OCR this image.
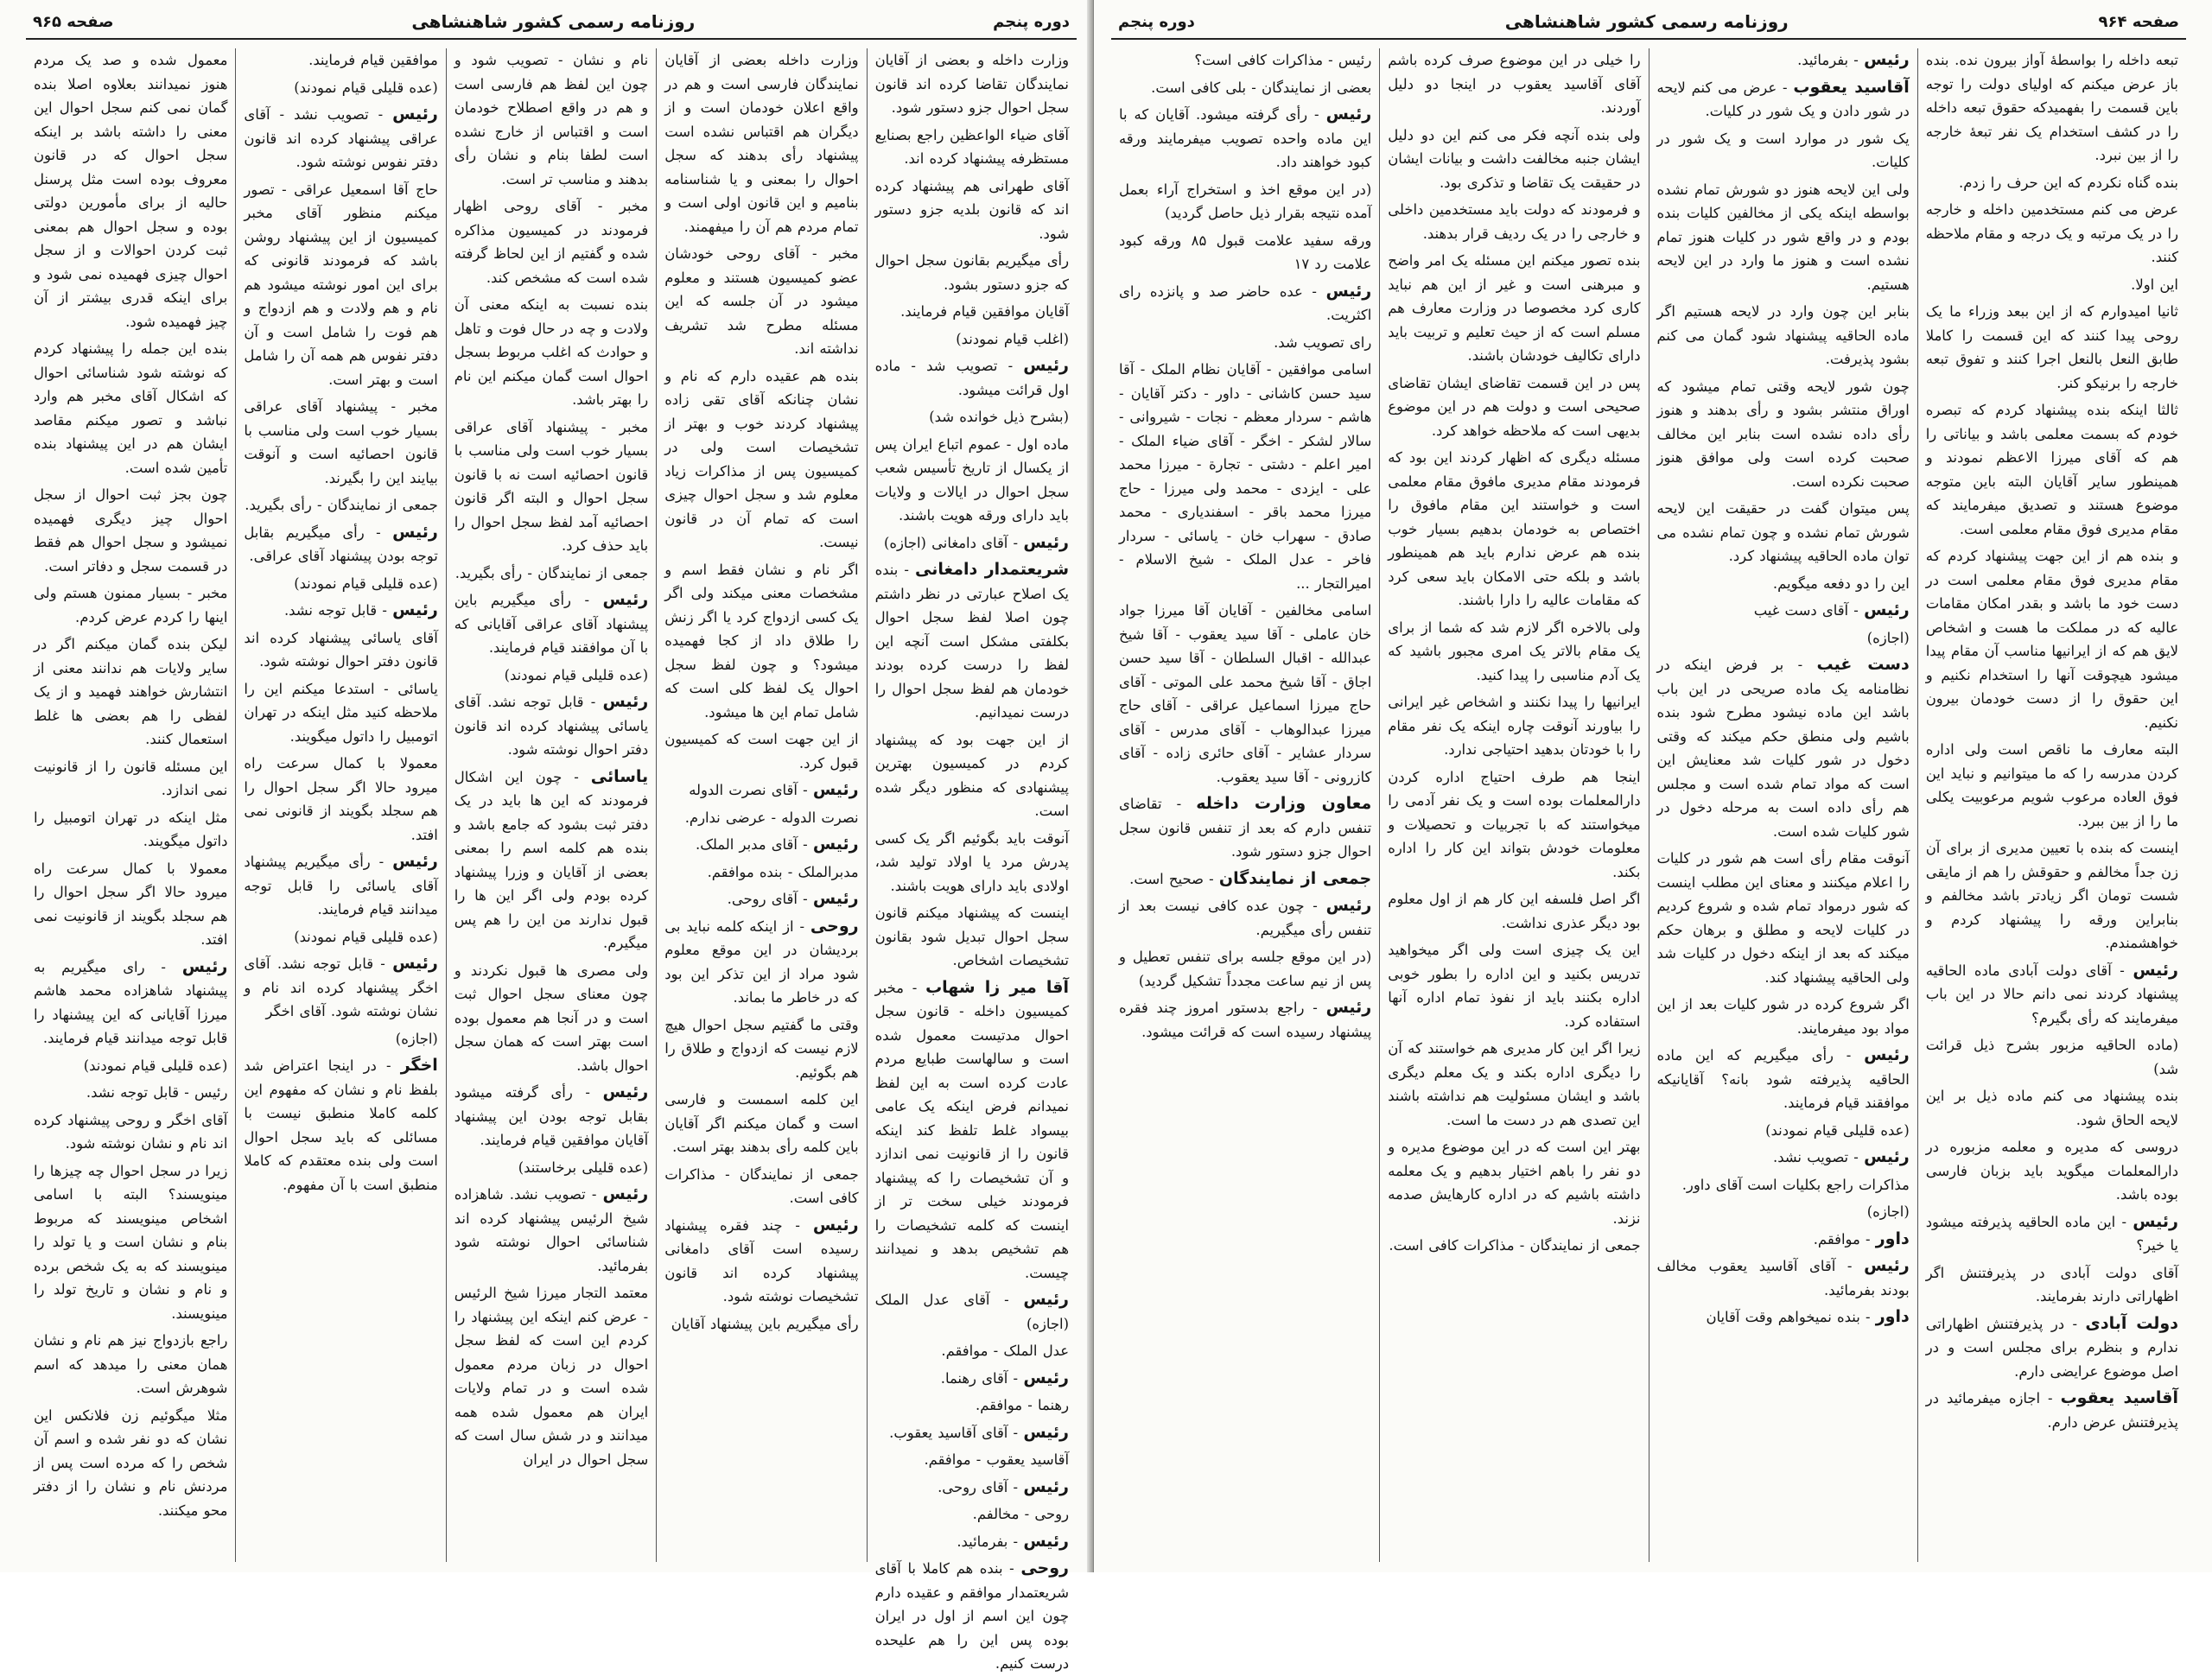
دوره پنجم
روزنامه رسمی کشور شاهنشاهی
صفحه ۹۶۵

وزارت داخله و بعضی از آقایان نمایندگان تقاضا کرده اند قانون سجل احوال جزو دستور شود.

آقای ضیاء الواعظین راجع بصنایع مستظرفه پیشنهاد کرده اند.

آقای طهرانی هم پیشنهاد کرده اند که قانون بلدیه جزو دستور شود.

رأی میگیریم بقانون سجل احوال که جزو دستور بشود.

آقایان موافقین قیام فرمایند.

(اغلب قیام نمودند)

رئیس - تصویب شد - ماده اول قرائت میشود.

(بشرح ذیل خوانده شد)

ماده اول - عموم اتباع ایران پس از یکسال از تاریخ تأسیس شعب سجل احوال در ایالات و ولایات باید دارای ورقه هویت باشند.

رئیس - آقای دامغانی (اجازه)

شریعتمدار دامغانی - بنده یک اصلاح عبارتی در نظر داشتم چون اصلا لفظ سجل احوال بکلفتی مشکل است آنچه این لفظ را درست کرده بودند خودمان هم لفظ سجل احوال را درست نمیدانیم.

از این جهت بود که پیشنهاد کردم در کمیسیون بهترین پیشنهادی که منظور دیگر شده است.

آنوقت باید بگوئیم اگر یک کسی پدرش مرد یا اولاد تولید شد، اولادی باید دارای هویت باشند.

اینست که پیشنهاد میکنم قانون سجل احوال تبدیل شود بقانون تشخیصات اشخاص.

آقا میر زا شهاب - مخبر کمیسیون داخله - قانون سجل احوال مدتیست معمول شده است و سالهاست طبایع مردم عادت کرده است به این لفظ نمیدانم فرض اینکه یک عامی بیسواد غلط تلفظ کند اینکه قانون را از قانونیت نمی اندازد و آن تشخیصات را که پیشنهاد فرمودند خیلی سخت تر از اینست که کلمه تشخیصات را هم تشخیص بدهد و نمیدانند چیست.

رئیس - آقای عدل الملک (اجازه)

عدل الملک - موافقم.

رئیس - آقای رهنما.

رهنما - موافقم.

رئیس - آقای آقاسید یعقوب.

آقاسید یعقوب - موافقم.

رئیس - آقای روحی.

روحی - مخالفم.

رئیس - بفرمائید.

روحی - بنده هم کاملا با آقای شریعتمدار موافقم و عقیده دارم چون این اسم از اول در ایران بوده پس این را هم علیحده درست کنیم.

وزارت داخله بعضی از آقایان نمایندگان فارسی است و هم در واقع اعلان خودمان است و از دیگران هم اقتباس نشده است پیشنهاد رأی بدهند که سجل احوال را بمعنی و یا شناسنامه بنامیم و این قانون اولی است و تمام مردم هم آن را میفهمند.

مخبر - آقای روحی خودشان عضو کمیسیون هستند و معلوم میشود در آن جلسه که این مسئله مطرح شد تشریف نداشته اند.

بنده هم عقیده دارم که نام و نشان چنانکه آقای تقی زاده پیشنهاد کردند خوب و بهتر از تشخیصات است ولی در کمیسیون پس از مذاکرات زیاد معلوم شد و سجل احوال چیزی است که تمام آن در قانون نیست.

اگر نام و نشان فقط اسم و مشخصات معنی میکند ولی اگر یک کسی ازدواج کرد یا اگر زنش را طلاق داد از کجا فهمیده میشود؟ و چون لفظ سجل احوال یک لفظ کلی است که شامل تمام این ها میشود.

از این جهت است که کمیسیون قبول کرد.

رئیس - آقای نصرت الدوله

نصرت الدوله - عرضی ندارم.

رئیس - آقای مدبر الملک.

مدبرالملک - بنده موافقم.

رئیس - آقای روحی.

روحی - از اینکه کلمه نباید بی بردیشان در این موقع معلوم شود مراد از این تذکر این بود که در خاطر ما بماند.

وقتی ما گفتیم سجل احوال هیچ لازم نیست که ازدواج و طلاق را هم بگوئیم.

این کلمه اسمست و فارسی است و گمان میکنم اگر آقایان باین کلمه رأی بدهند بهتر است.

جمعی از نمایندگان - مذاکرات کافی است.

رئیس - چند فقره پیشنهاد رسیده است آقای دامغانی پیشنهاد کرده اند قانون تشخیصات نوشته شود.

رأی میگیریم باین پیشنهاد آقایان

نام و نشان - تصویب شود و چون این لفظ هم فارسی است و هم در واقع اصطلاح خودمان است و اقتباس از خارج نشده است لطفا بنام و نشان رأی بدهند و مناسب تر است.

مخبر - آقای روحی اظهار فرمودند در کمیسیون مذاکره شده و گفتیم از این لحاظ گرفته شده است که مشخص کند.

بنده نسبت به اینکه معنی آن ولادت و چه در حال فوت و تاهل و حوادث که اغلب مربوط بسجل احوال است گمان میکنم این نام را بهتر باشد.

مخبر - پیشنهاد آقای عراقی بسیار خوب است ولی مناسب با قانون احصائیه است نه با قانون سجل احوال و البته اگر قانون احصائیه آمد لفظ سجل احوال را باید حذف کرد.

جمعی از نمایندگان - رأی بگیرید.

رئیس - رأی میگیریم باین پیشنهاد آقای عراقی آقایانی که با آن موافقند قیام فرمایند.

(عده قلیلی قیام نمودند)

رئیس - قابل توجه نشد. آقای یاسائی پیشنهاد کرده اند قانون دفتر احوال نوشته شود.

یاسائی - چون این اشکال فرمودند که این ها باید در یک دفتر ثبت بشود که جامع باشد و بنده هم کلمه اسم را بمعنی بعضی از آقایان و وزرا پیشنهاد کرده بودم ولی اگر این ها را قبول ندارند من این را هم پس میگیرم.

ولی مصری ها قبول نکردند و چون معنای سجل احوال ثبت است و در آنجا هم معمول بوده است بهتر است که همان سجل احوال باشد.

رئیس - رأی گرفته میشود بقابل توجه بودن این پیشنهاد آقایان موافقین قیام فرمایند.

(عده قلیلی برخاستند)

رئیس - تصویب نشد. شاهزاده شیخ الرئیس پیشنهاد کرده اند شناسائی احوال نوشته شود بفرمائید.

معتمد التجار میرزا شیخ الرئیس - عرض کنم اینکه این پیشنهاد را کردم این است که لفظ سجل احوال در زبان مردم معمول شده است و در تمام ولایات ایران هم معمول شده همه میدانند و در شش سال است که سجل احوال در ایران

موافقین قیام فرمایند.

(عده قلیلی قیام نمودند)

رئیس - تصویب نشد - آقای عراقی پیشنهاد کرده اند قانون دفتر نفوس نوشته شود.

حاج آقا اسمعیل عراقی - تصور میکنم منظور آقای مخبر کمیسیون از این پیشنهاد روشن باشد که فرمودند قانونی که برای این امور نوشته میشود هم نام و هم ولادت و هم ازدواج و هم فوت را شامل است و آن دفتر نفوس هم همه آن را شامل است و بهتر است.

مخبر - پیشنهاد آقای عراقی بسیار خوب است ولی مناسب با قانون احصائیه است و آنوقت بیایند این را بگیرند.

جمعی از نمایندگان - رأی بگیرید.

رئیس - رأی میگیریم بقابل توجه بودن پیشنهاد آقای عراقی.

(عده قلیلی قیام نمودند)

رئیس - قابل توجه نشد.

آقای یاسائی پیشنهاد کرده اند قانون دفتر احوال نوشته شود.

یاسائی - استدعا میکنم این را ملاحظه کنید مثل اینکه در تهران اتومبیل را داتول میگویند.

معمولا با کمال سرعت راه میرود حالا اگر سجل احوال را هم سجلد بگویند از قانونی نمی افتد.

رئیس - رأی میگیریم پیشنهاد آقای یاسائی را قابل توجه میدانند قیام فرمایند.

(عده قلیلی قیام نمودند)

رئیس - قابل توجه نشد. آقای اخگر پیشنهاد کرده اند نام و نشان نوشته شود. آقای اخگر

(اجازه)

اخگر - در اینجا اعتراض شد بلفظ نام و نشان که مفهوم این کلمه کاملا منطبق نیست با مسائلی که باید سجل احوال است ولی بنده معتقدم که کاملا منطبق است با آن مفهوم.

معمول شده و صد یک مردم هنوز نمیدانند بعلاوه اصلا بنده گمان نمی کنم سجل احوال این معنی را داشته باشد بر اینکه سجل احوال که در قانون معروف بوده است مثل پرسنل حالیه از برای مأمورین دولتی بوده و سجل احوال هم بمعنی ثبت کردن احوالات و از سجل احوال چیزی فهمیده نمی شود و برای اینکه قدری بیشتر از آن چیز فهمیده شود.

بنده این جمله را پیشنهاد کردم که نوشته شود شناسائی احوال که اشکال آقای مخبر هم وارد نباشد و تصور میکنم مقاصد ایشان هم در این پیشنهاد بنده تأمین شده است.

چون بجز ثبت احوال از سجل احوال چیز دیگری فهمیده نمیشود و سجل احوال هم فقط در قسمت سجل و دفاتر است.

مخبر - بسیار ممنون هستم ولی اینها را کردم عرض کردم.

لیکن بنده گمان میکنم اگر در سایر ولایات هم ندانند معنی از انتشارش خواهند فهمید و از یک لفظی را هم بعضی ها غلط استعمال کنند.

این مسئله قانون را از قانونیت نمی اندازد.

مثل اینکه در تهران اتومبیل را داتول میگویند.

معمولا با کمال سرعت راه میرود حالا اگر سجل احوال را هم سجلد بگویند از قانونیت نمی افتد.

رئیس - رای میگیریم به پیشنهاد شاهزاده محمد هاشم میرزا آقایانی که این پیشنهاد را قابل توجه میدانند قیام فرمایند.

(عده قلیلی قیام نمودند)

رئیس - قابل توجه نشد.

آقای اخگر و روحی پیشنهاد کرده اند نام و نشان نوشته شود.

زیرا در سجل احوال چه چیزها را مینویسند؟ البته با اسامی اشخاص مینویسند که مربوط بنام و نشان است و یا تولد را مینویسند که به یک شخص برده و نام و نشان و تاریخ تولد را مینویسند.

راجع بازدواج نیز هم نام و نشان همان معنی را میدهد که اسم شوهرش است.

مثلا میگوئیم زن فلانکس این نشان که دو نفر شده و اسم آن شخص را که مرده است پس از مردنش نام و نشان را از دفتر محو میکنند.

صفحه ۹۶۴
روزنامه رسمی کشور شاهنشاهی
دوره پنجم

تبعه داخله را بواسطهٔ آواز بیرون نده. بنده باز عرض میکنم که اولیای دولت را توجه باین قسمت را بفهمیدکه حقوق تبعه داخله را در کشف استخدام یک نفر تبعهٔ خارجه را از بین نبرد.

بنده گناه نکردم که این حرف را زدم.

عرض می کنم مستخدمین داخله و خارجه را در یک مرتبه و یک درجه و مقام ملاحظه کنند.

این اولا.

ثانیا امیدوارم که از این ببعد وزراء ما یک روحی پیدا کنند که این قسمت را کاملا طابق النعل بالنعل اجرا کنند و تفوق تبعه خارجه را برنیکو کنر.

ثالثا اینکه بنده پیشنهاد کردم که تبصره خودم که بسمت معلمی باشد و بیاناتی را هم که آقای میرزا الاعظم نمودند و همینطور سایر آقایان البته باین متوجه موضوع هستند و تصدیق میفرمایند که مقام مدیری فوق مقام معلمی است.

و بنده هم از این جهت پیشنهاد کردم که مقام مدیری فوق مقام معلمی است در دست خود ما باشد و بقدر امکان مقامات عالیه که در مملکت ما هست و اشخاص لایق هم که از ایرانیها مناسب آن مقام پیدا میشود هیچوقت آنها را استخدام نکنیم و این حقوق را از دست خودمان بیرون نکنیم.

البته معارف ما ناقص است ولی اداره کردن مدرسه را که ما میتوانیم و نباید این فوق العاده مرعوب شویم مرعوبیت یکلی ما را از بین ببرد.

اینست که بنده با تعیین مدیری از برای آن زن جداً مخالفم و حقوقش را هم از مایقی شست تومان اگر زیادتر باشد مخالفم و بنابراین ورقه را پیشنهاد کردم و خواهشمندم.

رئیس - آقای دولت آبادی ماده الحاقیه پیشنهاد کردند نمی دانم حالا در این باب میفرمایند که رأی بگیرم؟

(ماده الحاقیه مزبور بشرح ذیل قرائت شد)

بنده پیشنهاد می کنم ماده ذیل بر این لایحه الحاق شود.

دروسی که مدیره و معلمه مزبوره در دارالمعلمات میگوید باید بزبان فارسی بوده باشد.

رئیس - این ماده الحاقیه پذیرفته میشود یا خیر؟

آقای دولت آبادی در پذیرفتنش اگر اظهاراتی دارند بفرمایند.

دولت آبادی - در پذیرفتنش اظهاراتی ندارم و بنظرم برای مجلس است و در اصل موضوع عرایضی دارم.

آقاسید یعقوب - اجازه میفرمائید در پذیرفتنش عرض دارم.

رئیس - بفرمائید.

آقاسید یعقوب - عرض می کنم لایحه در شور دادن و یک شور در کلیات.

یک شور در موارد است و یک شور در کلیات.

ولی این لایحه هنوز دو شورش تمام نشده بواسطه اینکه یکی از مخالفین کلیات بنده بودم و در واقع شور در کلیات هنوز تمام نشده است و هنوز ما وارد در این لایحه هستیم.

بنابر این چون وارد در لایحه هستیم اگر ماده الحاقیه پیشنهاد شود گمان می کنم بشود پذیرفت.

چون شور لایحه وقتی تمام میشود که اوراق منتشر بشود و رأی بدهند و هنوز رأی داده نشده است بنابر این مخالف صحبت کرده است ولی موافق هنوز صحبت نکرده است.

پس میتوان گفت در حقیقت این لایحه شورش تمام نشده و چون تمام نشده می توان ماده الحاقیه پیشنهاد کرد.

این را دو دفعه میگویم.

رئیس - آقای دست غیب

(اجازه)

دست غیب - بر فرض اینکه در نظامنامه یک ماده صریحی در این باب باشد این ماده نیشود مطرح شود بنده باشیم ولی منطق حکم میکند که وقتی دخول در شور کلیات شد معنایش این است که مواد تمام شده است و مجلس هم رأی داده است به مرحله دخول در شور کلیات شده است.

آنوقت مقام رأی است هم شور در کلیات را اعلام میکنند و معنای این مطلب اینست که شور درمواد تمام شده و شروع کردیم در کلیات لایحه و مطلق و برهان حکم میکند که بعد از اینکه دخول در کلیات شد ولی الحاقیه پیشنهاد کند.

اگر شروع کرده در شور کلیات بعد از این مواد بود میفرمایند.

رئیس - رأی میگیریم که این ماده الحاقیه پذیرفته شود بانه؟ آقایانیکه موافقند قیام فرمایند.

(عده قلیلی قیام نمودند)

رئیس - تصویب نشد.

مذاکرات راجع بکلیات است آقای داور.

(اجازه)

داور - موافقم.

رئیس - آقای آقاسید یعقوب مخالف بودند بفرمائید.

داور - بنده نمیخواهم وقت آقایان

را خیلی در این موضوع صرف کرده باشم آقای آقاسید یعقوب در اینجا دو دلیل آوردند.

ولی بنده آنچه فکر می کنم این دو دلیل ایشان جنبه مخالفت داشت و بیانات ایشان در حقیقت یک تقاضا و تذکری بود.

و فرمودند که دولت باید مستخدمین داخلی و خارجی را در یک ردیف قرار بدهند.

بنده تصور میکنم این مسئله یک امر واضح و مبرهنی است و غیر از این هم نباید کاری کرد مخصوصا در وزارت معارف هم مسلم است که از حیث تعلیم و تربیت باید دارای تکالیف خودشان باشند.

پس در این قسمت تقاضای ایشان تقاضای صحیحی است و دولت هم در این موضوع بدیهی است که ملاحظه خواهد کرد.

مسئله دیگری که اظهار کردند این بود که فرمودند مقام مدیری مافوق مقام معلمی است و خواستند این مقام مافوق را اختصاص به خودمان بدهیم بسیار خوب بنده هم عرض ندارم باید هم همینطور باشد و بلکه حتی الامکان باید سعی کرد که مقامات عالیه را دارا باشند.

ولی بالاخره اگر لازم شد که شما از برای یک مقام بالاتر یک امری مجبور باشید که یک آدم مناسبی را پیدا کنید.

ایرانیها را پیدا نکنند و اشخاص غیر ایرانی را بیاورند آنوقت چاره اینکه یک نفر مقام را با خودتان بدهید احتیاجی ندارد.

اینجا هم طرف احتیاج اداره کردن دارالمعلمات بوده است و یک نفر آدمی را میخواستند که با تجربیات و تحصیلات و معلومات خودش بتواند این کار را اداره بکند.

اگر اصل فلسفه این کار هم از اول معلوم بود دیگر عذری نداشت.

این یک چیزی است ولی اگر میخواهید تدریس بکنید و این اداره را بطور خوبی اداره بکنند باید از نفوذ تمام اداره آنها استفاده کرد.

زیرا اگر این کار مدیری هم خواستند که آن را دیگری اداره بکند و یک معلم دیگری باشد و ایشان مسئولیت هم نداشته باشند این تصدی هم در دست ما است.

بهتر این است که در این موضوع مدیره و دو نفر را باهم اختیار بدهیم و یک معلمه داشته باشیم که در اداره کارهایش صدمه نزند.

جمعی از نمایندگان - مذاکرات کافی است.

رئیس - مذاکرات کافی است؟

بعضی از نمایندگان - بلی کافی است.

رئیس - رأی گرفته میشود. آقایان که با این ماده واحده تصویب میفرمایند ورقه کبود خواهند داد.

(در این موقع اخذ و استخراج آراء بعمل آمده نتیجه بقرار ذیل حاصل گردید)

ورقه سفید علامت قبول ۸۵ ورقه کبود علامت رد ۱۷

رئیس - عده حاضر صد و پانزده رای اکثریت.

رای تصویب شد.

اسامی موافقین - آقایان نظام الملک - آقا سید حسن کاشانی - داور - دکتر آقایان - هاشم - سردار معظم - نجات - شیروانی - سالار لشکر - اخگر - آقای ضیاء الملک - امیر اعلم - دشتی - تجارة - میرزا محمد علی - ایزدی - محمد ولی میرزا - حاج میرزا محمد باقر - اسفندیاری - محمد صادق - سهراب خان - یاسائی - سردار فاخر - عدل الملک - شیخ الاسلام - امیرالتجار ...

اسامی مخالفین - آقایان آقا میرزا جواد خان عاملی - آقا سید یعقوب - آقا شیخ عبدالله - اقبال السلطان - آقا سید حسن اجاق - آقا شیخ محمد علی الموتی - آقای حاج میرزا اسماعیل عراقی - آقای حاج میرزا عبدالوهاب - آقای مدرس - آقای سردار عشایر - آقای حائری زاده - آقای کازرونی - آقا سید یعقوب.

معاون وزارت داخله - تقاضای تنفس دارم که بعد از تنفس قانون سجل احوال جزو دستور شود.

جمعی از نمایندگان - صحیح است.

رئیس - چون عده کافی نیست بعد از تنفس رأی میگیریم.

(در این موقع جلسه برای تنفس تعطیل و پس از نیم ساعت مجدداً تشکیل گردید)

رئیس - راجع بدستور امروز چند فقره پیشنهاد رسیده است که قرائت میشود.
